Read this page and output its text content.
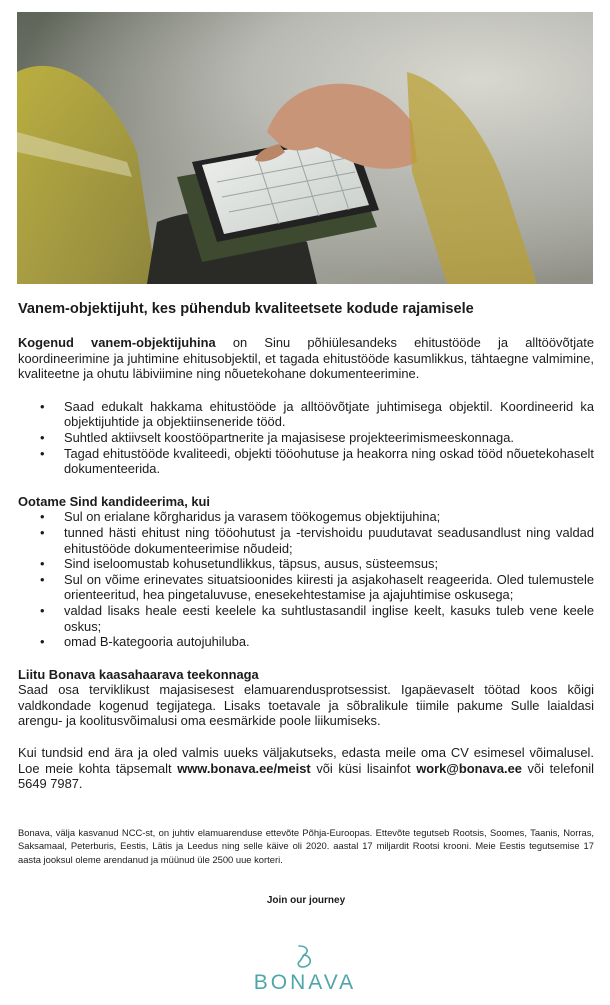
Vanem-objektijuht, kes pühendub kvaliteetsete kodude rajamisele

Kogenud vanem-objektijuhina on Sinu põhiülesandeks ehitustööde ja alltöövõtjate koordineerimine ja juhtimine ehitusobjektil, et tagada ehitustööde kasumlikkus, tähtaegne valmimine, kvaliteetne ja ohutu läbiviimine ning nõuetekohane dokumenteerimine.

• Saad edukalt hakkama ehitustööde ja alltöövõtjate juhtimisega objektil. Koordineerid ka objektijuhtide ja objektiinseneride tööd.
• Suhtled aktiivselt koostööpartnerite ja majasisese projekteerimismeeskonnaga.
• Tagad ehitustööde kvaliteedi, objekti tööohutuse ja heakorra ning oskad tööd nõuetekohaselt dokumenteerida.
Ootame Sind kandideerima, kui
• Sul on erialane kõrgharidus ja varasem töökogemus objektijuhina;
• tunned hästi ehitust ning tööohutust ja -tervishoidu puudutavat seadusandlust ning valdad ehitustööde dokumenteerimise nõudeid;
• Sind iseloomustab kohusetundlikkus, täpsus, ausus, süsteemsus;
• Sul on võime erinevates situatsioonides kiiresti ja asjakohaselt reageerida. Oled tulemustele orienteeritud, hea pingetaluvuse, enesekehtestamise ja ajajuhtimise oskusega;
• valdad lisaks heale eesti keelele ka suhtlustasandil inglise keelt, kasuks tuleb vene keele oskus;
• omad B-kategooria autojuhiluba.
Liitu Bonava kaasahaarava teekonnaga

Saad osa terviklikust majasisesest elamuarendusprotsessist. Igapäevaselt töötad koos kõigi valdkondade kogenud tegijatega. Lisaks toetavale ja sõbralikule tiimile pakume Sulle laialdasi arengu- ja koolitusvõimalusi oma eesmärkide poole liikumiseks.

Kui tundsid end ära ja oled valmis uueks väljakutseks, edasta meile oma CV esimesel võimalusel. Loe meie kohta täpsemalt www.bonava.ee/meist või küsi lisainfot work@bonava.ee või telefonil 5649 7987.

Bonava, välja kasvanud NCC-st, on juhtiv elamuarenduse ettevõte Põhja-Euroopas. Ettevõte tegutseb Rootsis, Soomes, Taanis, Norras, Saksamaal, Peterburis, Eestis, Lätis ja Leedus ning selle käive oli 2020. aastal 17 miljardit Rootsi krooni. Meie Eestis tegutsemise 17 aasta jooksul oleme arendanud ja müünud üle 2500 uue korteri.

Join our journey
BONAVA
